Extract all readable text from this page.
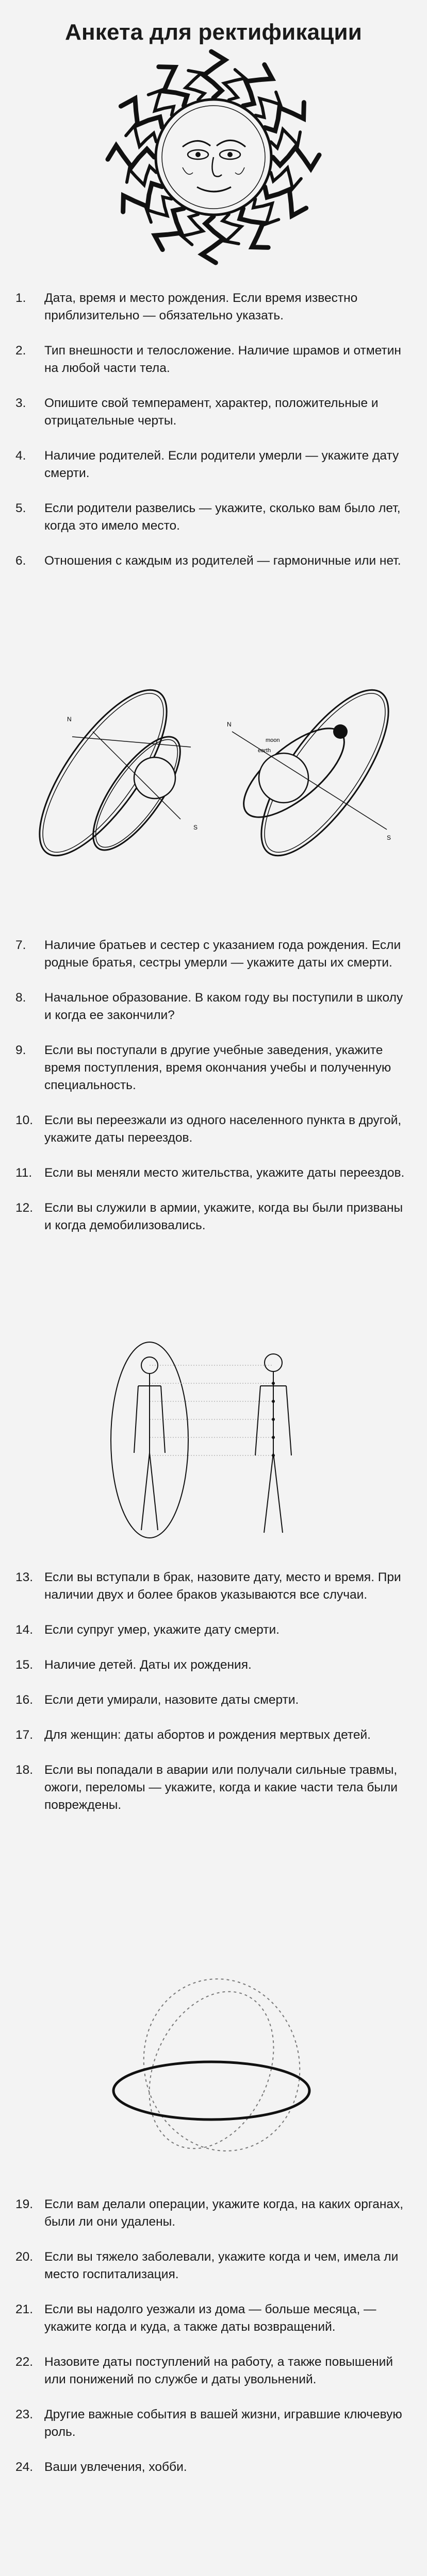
Анкета для ректификации
1. Дата, время и место рождения. Если время известно приблизительно — обязательно указать.
2. Тип внешности и телосложение. Наличие шрамов и отметин на любой части тела.
3. Опишите свой темперамент, характер, положительные и отрицательные черты.
4. Наличие родителей. Если родители умерли — укажите дату смерти.
5. Если родители развелись — укажите, сколько вам было лет, когда это имело место.
6. Отношения с каждым из родителей — гармоничные или нет.
N
S
moon
earth
N
S
7. Наличие братьев и сестер с указанием года рождения. Если родные братья, сестры умерли — укажите даты их смерти.
8. Начальное образование. В каком году вы поступили в школу и когда ее закончили?
9. Если вы поступали в другие учебные заведения, укажите время поступления, время окончания учебы и полученную специальность.
10. Если вы переезжали из одного населенного пункта в другой, укажите даты переездов.
11. Если вы меняли место жительства, укажите даты переездов.
12. Если вы служили в армии, укажите, когда вы были призваны и когда демобилизовались.
13. Если вы вступали в брак, назовите дату, место и время. При наличии двух и более браков указываются все случаи.
14. Если супруг умер, укажите дату смерти.
15. Наличие детей. Даты их рождения.
16. Если дети умирали, назовите даты смерти.
17. Для женщин: даты абортов и рождения мертвых детей.
18. Если вы попадали в аварии или получали сильные травмы, ожоги, переломы — укажите, когда и какие части тела были повреждены.
19. Если вам делали операции, укажите когда, на каких органах, были ли они удалены.
20. Если вы тяжело заболевали, укажите когда и чем, имела ли место госпитализация.
21. Если вы надолго уезжали из дома — больше месяца, — укажите когда и куда, а также даты возвращений.
22. Назовите даты поступлений на работу, а также повышений или понижений по службе и даты увольнений.
23. Другие важные события в вашей жизни, игравшие ключевую роль.
24. Ваши увлечения, хобби.
